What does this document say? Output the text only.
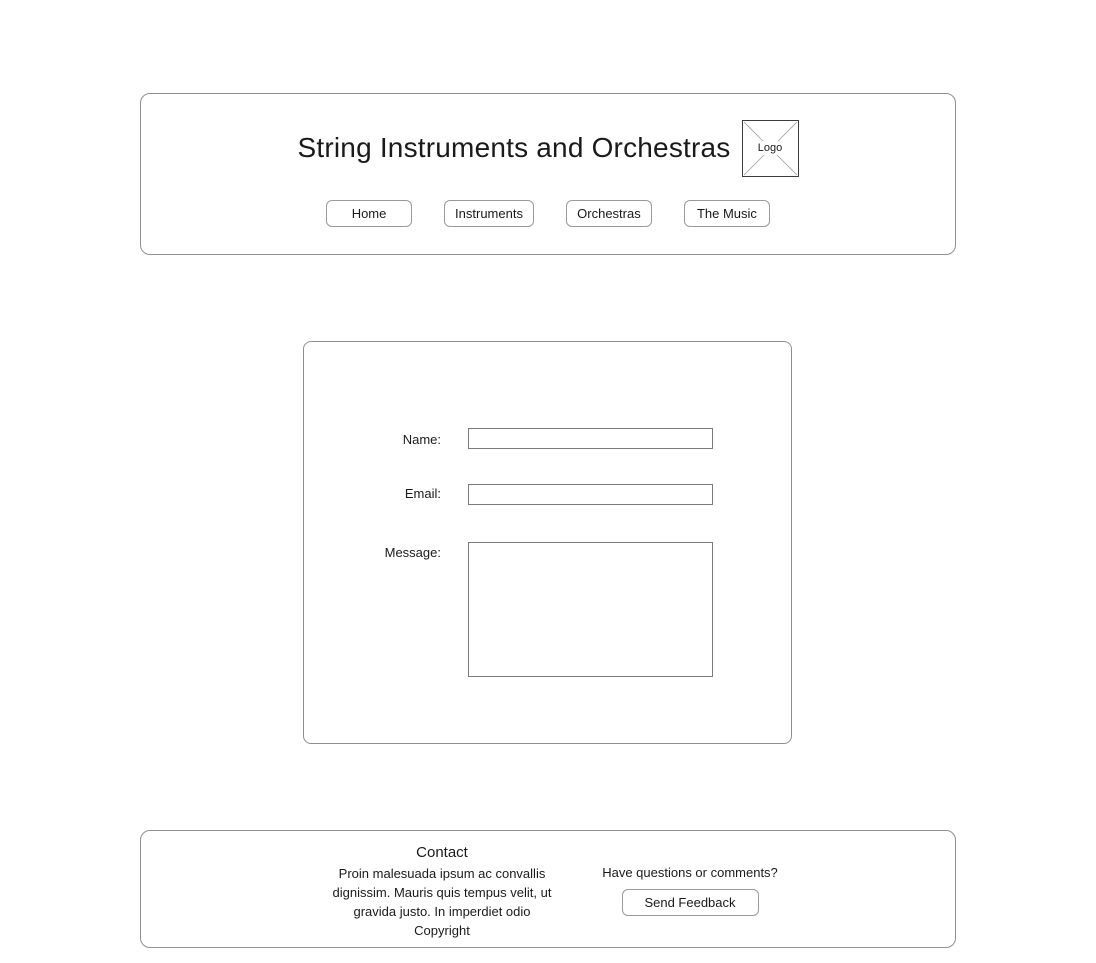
String Instruments and Orchestras Logo
Home	Instruments	Orchestras	The Music
Name:
Email:
Message:
Contact
Proin malesuada ipsum ac convallis dignissim. Mauris quis tempus velit, ut gravida justo. In imperdiet odio
Copyright
Have questions or comments?
Send Feedback
